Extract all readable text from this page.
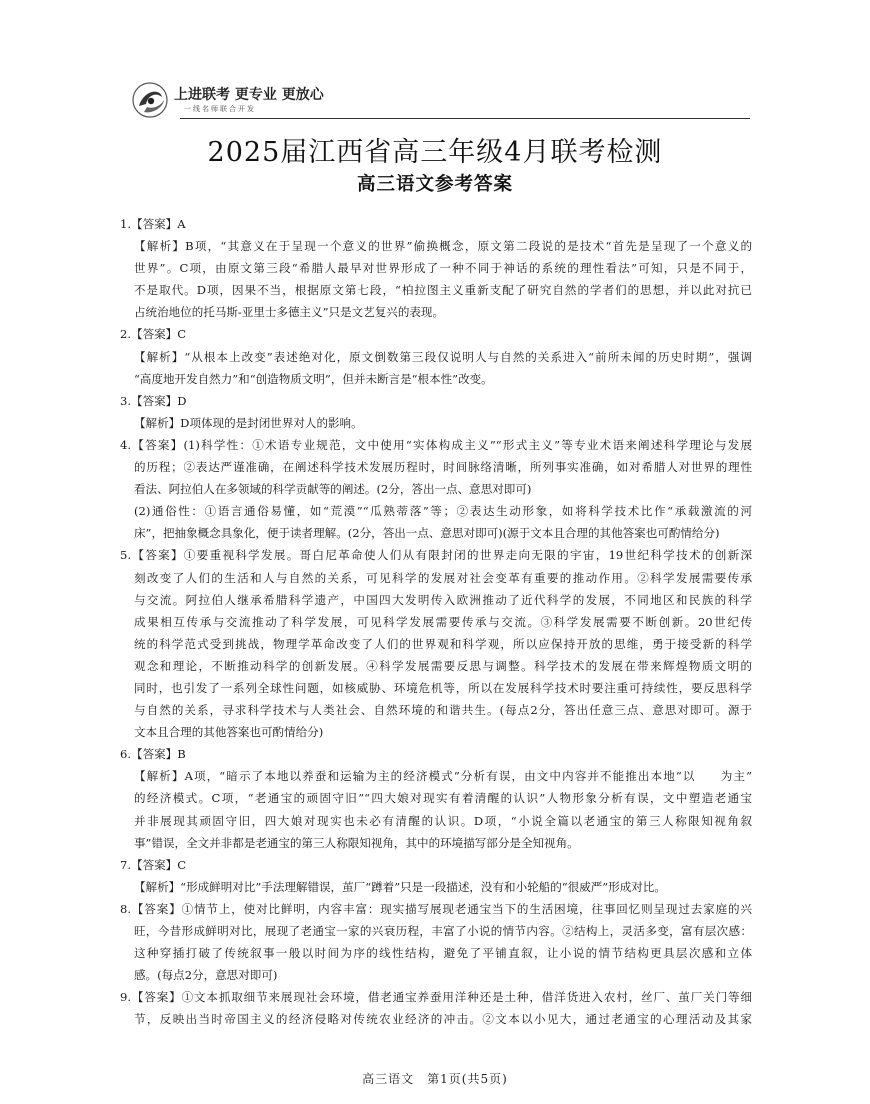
上进联考 更专业 更放心
一线名师联合开发
2025届江西省高三年级4月联考检测
高三语文参考答案
1.【答案】A
【解析】B项，“其意义在于呈现一个意义的世界”偷换概念，原文第二段说的是技术“首先是呈现了一个意义的
世界”。C项，由原文第三段“希腊人最早对世界形成了一种不同于神话的系统的理性看法”可知，只是不同于，
不是取代。D项，因果不当，根据原文第七段，“柏拉图主义重新支配了研究自然的学者们的思想，并以此对抗已
占统治地位的托马斯-亚里士多德主义”只是文艺复兴的表现。
2.【答案】C
【解析】“从根本上改变”表述绝对化，原文倒数第三段仅说明人与自然的关系进入“前所未闻的历史时期”，强调
“高度地开发自然力”和“创造物质文明”，但并未断言是“根本性”改变。
3.【答案】D
【解析】D项体现的是封闭世界对人的影响。
4.【答案】(1)科学性：①术语专业规范，文中使用“实体构成主义”“形式主义”等专业术语来阐述科学理论与发展
的历程；②表达严谨准确，在阐述科学技术发展历程时，时间脉络清晰，所列事实准确，如对希腊人对世界的理性
看法、阿拉伯人在多领域的科学贡献等的阐述。(2分，答出一点、意思对即可)
(2)通俗性：①语言通俗易懂，如“荒漠”“瓜熟蒂落”等；②表达生动形象，如将科学技术比作“承载激流的河
床”，把抽象概念具象化，便于读者理解。(2分，答出一点、意思对即可)(源于文本且合理的其他答案也可酌情给分)
5.【答案】①要重视科学发展。哥白尼革命使人们从有限封闭的世界走向无限的宇宙，19世纪科学技术的创新深
刻改变了人们的生活和人与自然的关系，可见科学的发展对社会变革有重要的推动作用。②科学发展需要传承
与交流。阿拉伯人继承希腊科学遗产，中国四大发明传入欧洲推动了近代科学的发展，不同地区和民族的科学
成果相互传承与交流推动了科学发展，可见科学发展需要传承与交流。③科学发展需要不断创新。20世纪传
统的科学范式受到挑战，物理学革命改变了人们的世界观和科学观，所以应保持开放的思维，勇于接受新的科学
观念和理论，不断推动科学的创新发展。④科学发展需要反思与调整。科学技术的发展在带来辉煌物质文明的
同时，也引发了一系列全球性问题，如核威胁、环境危机等，所以在发展科学技术时要注重可持续性，要反思科学
与自然的关系，寻求科学技术与人类社会、自然环境的和谐共生。(每点2分，答出任意三点、意思对即可。源于
文本且合理的其他答案也可酌情给分)
6.【答案】B
【解析】A项，“暗示了本地以养蚕和运输为主的经济模式”分析有误，由文中内容并不能推出本地“以　　为主”
的经济模式。C项，“老通宝的顽固守旧”“四大娘对现实有着清醒的认识”人物形象分析有误，文中塑造老通宝
并非展现其顽固守旧，四大娘对现实也未必有清醒的认识。D项，“小说全篇以老通宝的第三人称限知视角叙
事”错误，全文并非都是老通宝的第三人称限知视角，其中的环境描写部分是全知视角。
7.【答案】C
【解析】“形成鲜明对比”手法理解错误，茧厂“蹲着”只是一段描述，没有和小轮船的“很威严”形成对比。
8.【答案】①情节上，使对比鲜明，内容丰富：现实描写展现老通宝当下的生活困境，往事回忆则呈现过去家庭的兴
旺，今昔形成鲜明对比，展现了老通宝一家的兴衰历程，丰富了小说的情节内容。②结构上，灵活多变，富有层次感：
这种穿插打破了传统叙事一般以时间为序的线性结构，避免了平铺直叙，让小说的情节结构更具层次感和立体
感。(每点2分，意思对即可)
9.【答案】①文本抓取细节来展现社会环境，借老通宝养蚕用洋种还是土种，借洋货进入农村，丝厂、茧厂关门等细
节，反映出当时帝国主义的经济侵略对传统农业经济的冲击。②文本以小见大，通过老通宝的心理活动及其家
高三语文　第1页(共5页)
